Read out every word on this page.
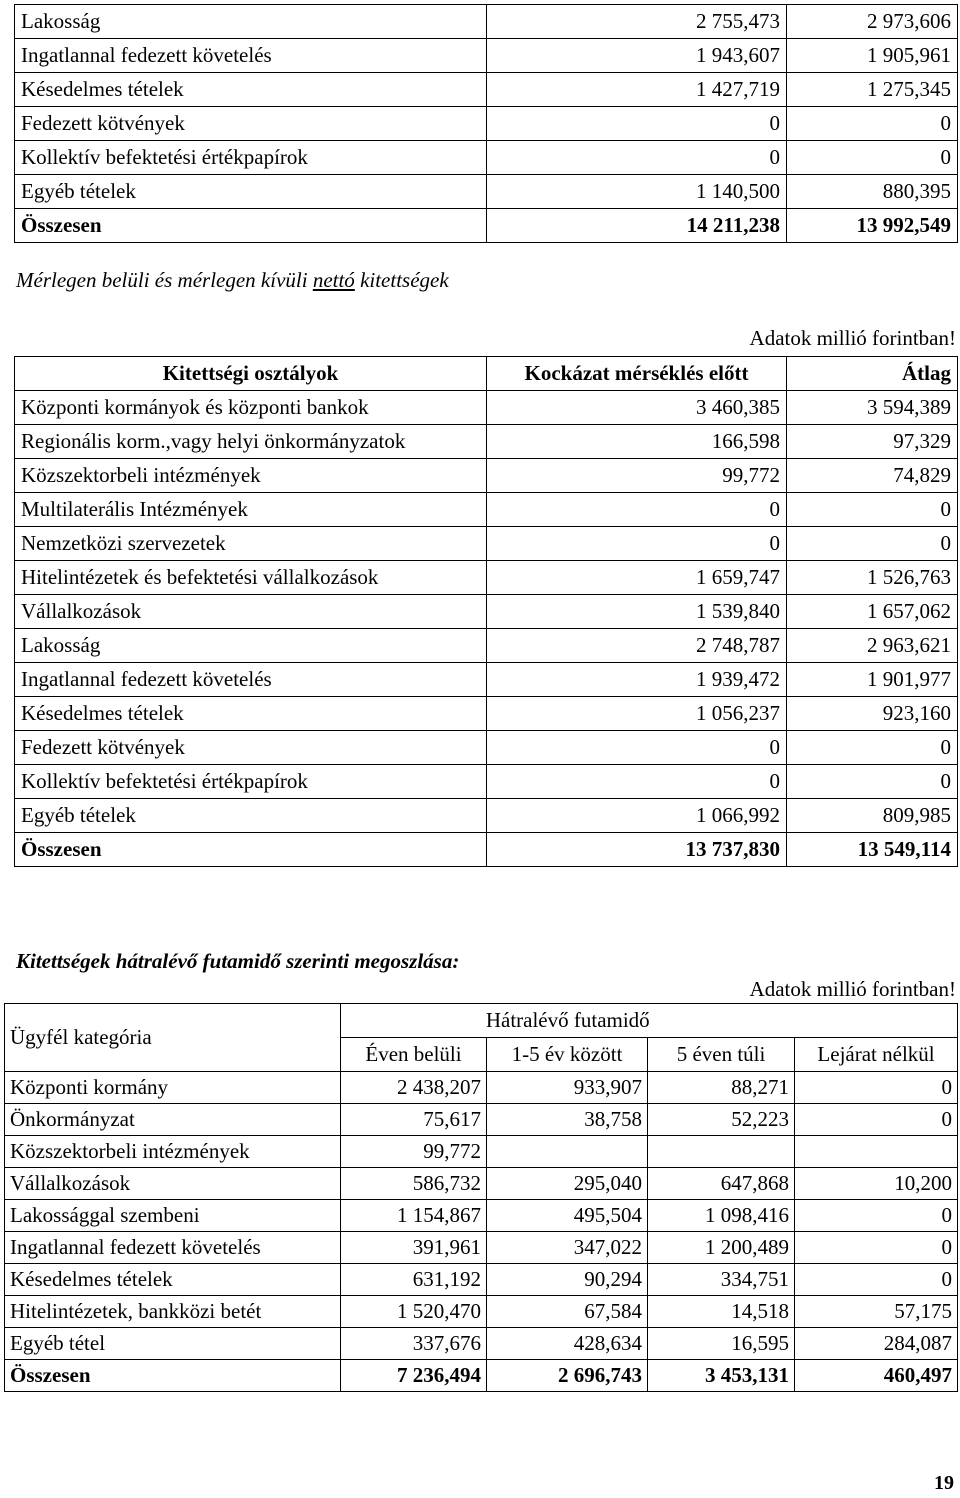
Lakosság	2 755,473	2 973,606
Ingatlannal fedezett követelés	1 943,607	1 905,961
Késedelmes tételek	1 427,719	1 275,345
Fedezett kötvények	0	0
Kollektív befektetési értékpapírok	0	0
Egyéb tételek	1 140,500	880,395
Összesen	14 211,238	13 992,549
Mérlegen belüli és mérlegen kívüli nettó kitettségek
Adatok millió forintban!
Kitettségi osztályok	Kockázat mérséklés előtt	Átlag
Központi kormányok és központi bankok	3 460,385	3 594,389
Regionális korm.,vagy helyi önkormányzatok	166,598	97,329
Közszektorbeli intézmények	99,772	74,829
Multilaterális Intézmények	0	0
Nemzetközi szervezetek	0	0
Hitelintézetek és befektetési vállalkozások	1 659,747	1 526,763
Vállalkozások	1 539,840	1 657,062
Lakosság	2 748,787	2 963,621
Ingatlannal fedezett követelés	1 939,472	1 901,977
Késedelmes tételek	1 056,237	923,160
Fedezett kötvények	0	0
Kollektív befektetési értékpapírok	0	0
Egyéb tételek	1 066,992	809,985
Összesen	13 737,830	13 549,114
Kitettségek hátralévő futamidő szerinti megoszlása:
Adatok millió forintban!
Ügyfél kategória	Hátralévő futamidő			
	Éven belüli	1-5 év között	5 éven túli	Lejárat nélkül
Központi kormány	2 438,207	933,907	88,271	0
Önkormányzat	75,617	38,758	52,223	0
Közszektorbeli intézmények	99,772			
Vállalkozások	586,732	295,040	647,868	10,200
Lakossággal szembeni	1 154,867	495,504	1 098,416	0
Ingatlannal fedezett követelés	391,961	347,022	1 200,489	0
Késedelmes tételek	631,192	90,294	334,751	0
Hitelintézetek, bankközi betét	1 520,470	67,584	14,518	57,175
Egyéb tétel	337,676	428,634	16,595	284,087
Összesen	7 236,494	2 696,743	3 453,131	460,497
19
